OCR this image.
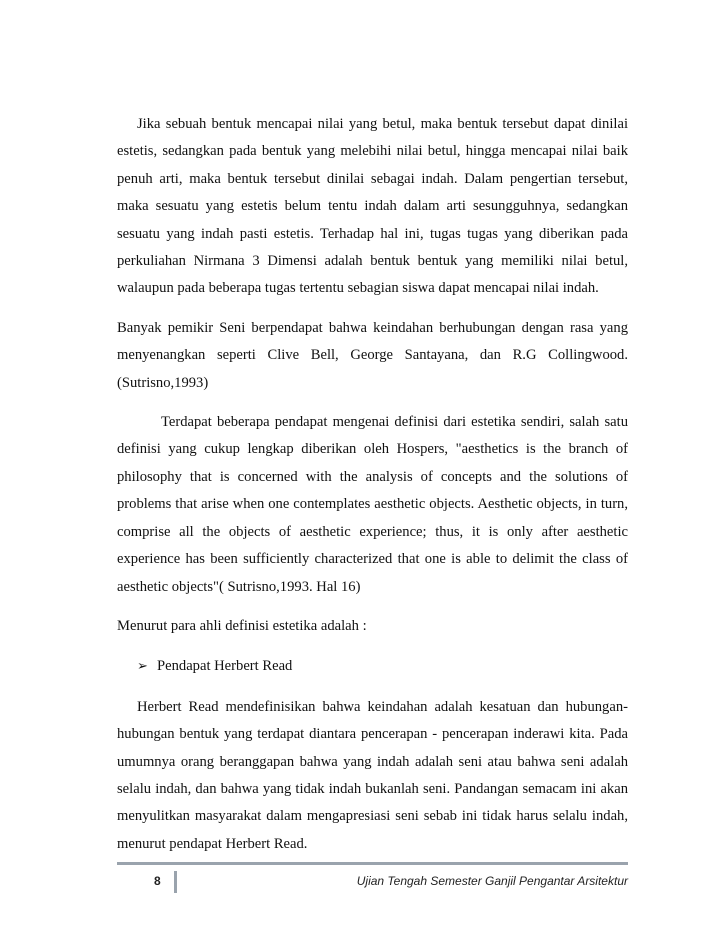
Jika sebuah bentuk mencapai nilai yang betul, maka bentuk tersebut dapat dinilai estetis, sedangkan pada bentuk yang melebihi nilai betul, hingga mencapai nilai baik penuh arti, maka bentuk tersebut dinilai sebagai indah. Dalam pengertian tersebut, maka sesuatu yang estetis belum tentu indah dalam arti sesungguhnya, sedangkan sesuatu yang indah pasti estetis. Terhadap hal ini, tugas tugas yang diberikan pada perkuliahan Nirmana 3 Dimensi adalah bentuk bentuk yang memiliki nilai betul, walaupun pada beberapa tugas tertentu sebagian siswa dapat mencapai nilai indah.

Banyak pemikir Seni berpendapat bahwa keindahan berhubungan dengan rasa yang menyenangkan seperti Clive Bell, George Santayana, dan R.G Collingwood.(Sutrisno,1993)

Terdapat beberapa pendapat mengenai definisi dari estetika sendiri, salah satu definisi yang cukup lengkap diberikan oleh Hospers, "aesthetics is the branch of philosophy that is concerned with the analysis of concepts and the solutions of problems that arise when one contemplates aesthetic objects. Aesthetic objects, in turn, comprise all the objects of aesthetic experience; thus, it is only after aesthetic experience has been sufficiently characterized that one is able to delimit the class of aesthetic objects"( Sutrisno,1993. Hal 16)

Menurut para ahli definisi estetika adalah :

➢ Pendapat Herbert Read

Herbert Read mendefinisikan bahwa keindahan adalah kesatuan dan hubungan-hubungan bentuk yang terdapat diantara pencerapan - pencerapan inderawi kita. Pada umumnya orang beranggapan bahwa yang indah adalah seni atau bahwa seni adalah selalu indah, dan bahwa yang tidak indah bukanlah seni. Pandangan semacam ini akan menyulitkan masyarakat dalam mengapresiasi seni sebab ini tidak harus selalu indah, menurut pendapat Herbert Read.

8	Ujian Tengah Semester Ganjil Pengantar Arsitektur
